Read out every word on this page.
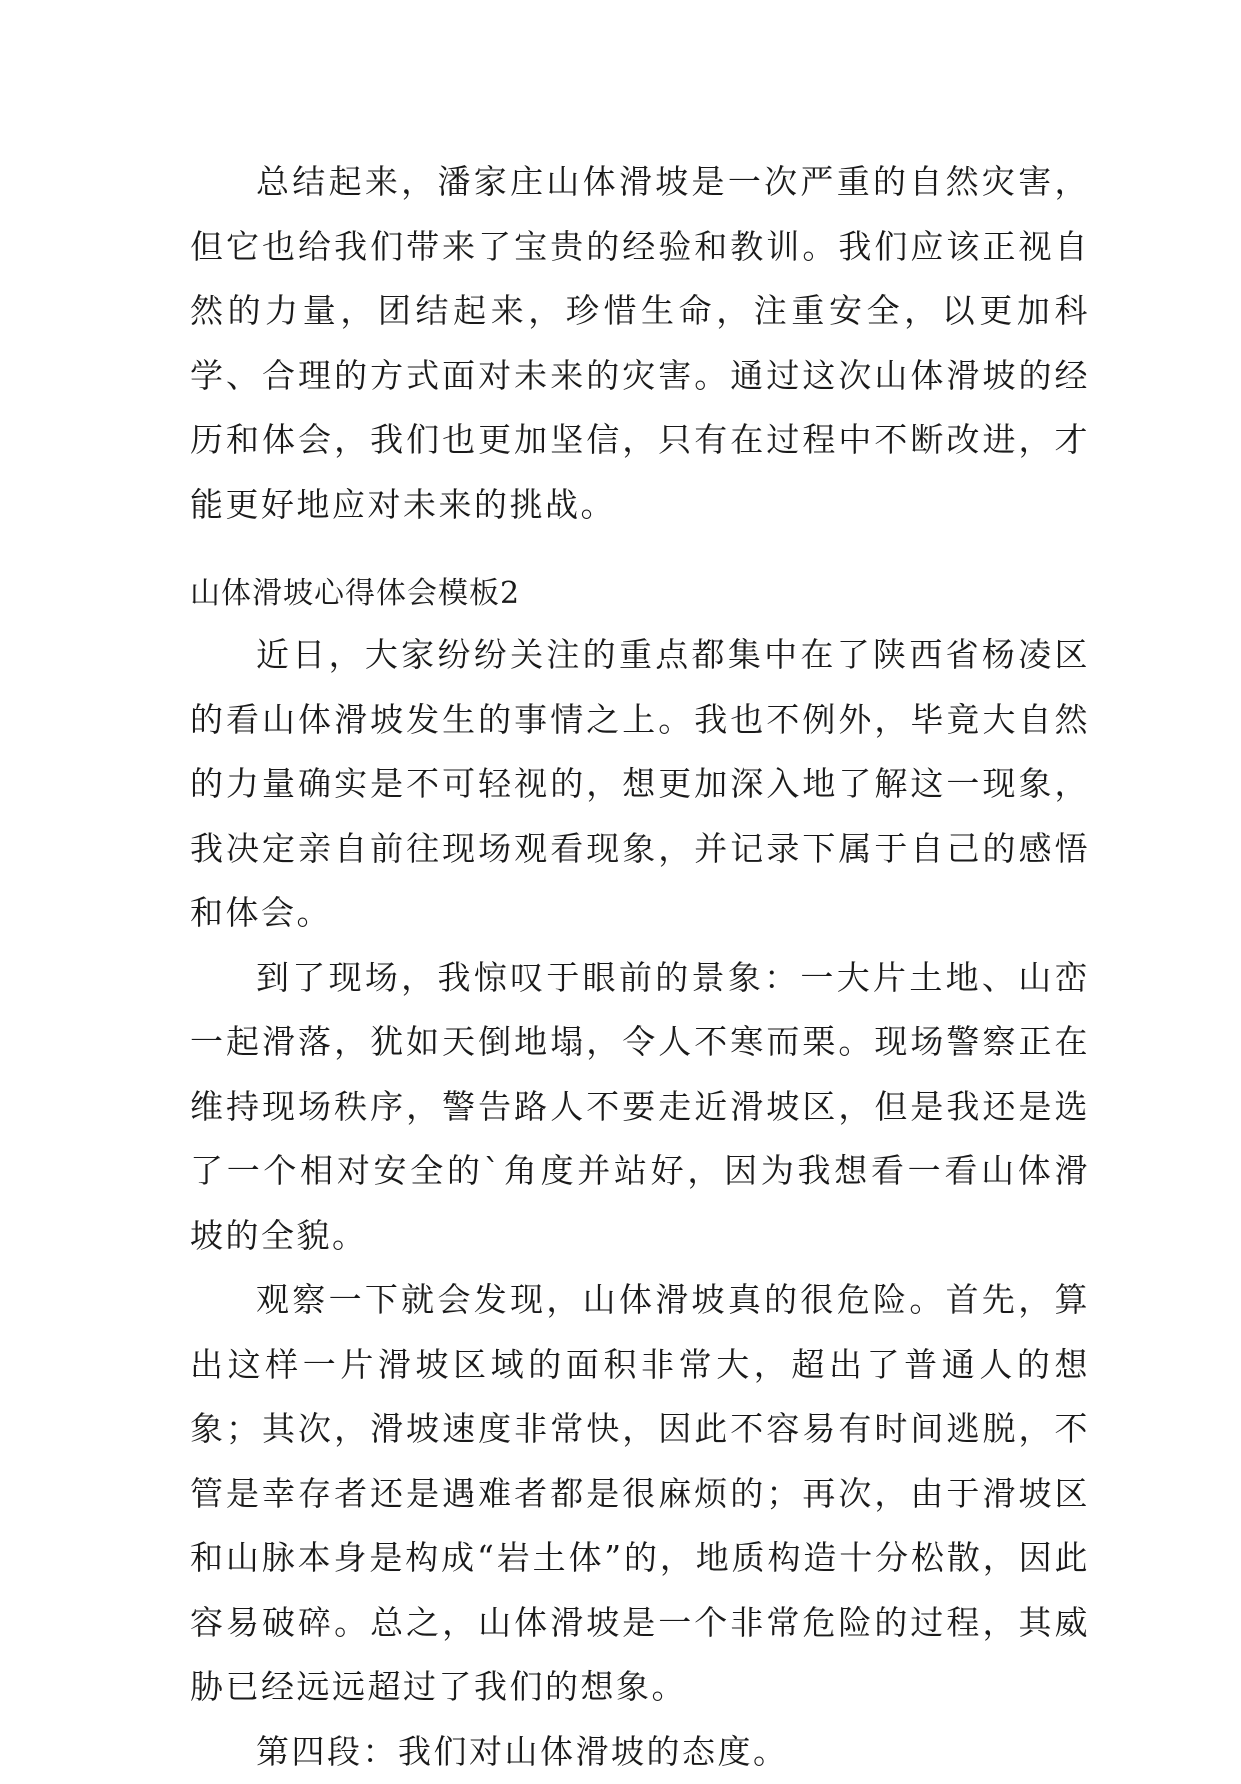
总结起来，潘家庄山体滑坡是一次严重的自然灾害，但它也给我们带来了宝贵的经验和教训。我们应该正视自然的力量，团结起来，珍惜生命，注重安全，以更加科学、合理的方式面对未来的灾害。通过这次山体滑坡的经历和体会，我们也更加坚信，只有在过程中不断改进，才能更好地应对未来的挑战。

山体滑坡心得体会模板2

近日，大家纷纷关注的重点都集中在了陕西省杨凌区的看山体滑坡发生的事情之上。我也不例外，毕竟大自然的力量确实是不可轻视的，想更加深入地了解这一现象，我决定亲自前往现场观看现象，并记录下属于自己的感悟和体会。

到了现场，我惊叹于眼前的景象：一大片土地、山峦一起滑落，犹如天倒地塌，令人不寒而栗。现场警察正在维持现场秩序，警告路人不要走近滑坡区，但是我还是选了一个相对安全的`角度并站好，因为我想看一看山体滑坡的全貌。

观察一下就会发现，山体滑坡真的很危险。首先，算出这样一片滑坡区域的面积非常大，超出了普通人的想象；其次，滑坡速度非常快，因此不容易有时间逃脱，不管是幸存者还是遇难者都是很麻烦的；再次，由于滑坡区和山脉本身是构成“岩土体”的，地质构造十分松散，因此容易破碎。总之，山体滑坡是一个非常危险的过程，其威胁已经远远超过了我们的想象。

第四段：我们对山体滑坡的态度。
